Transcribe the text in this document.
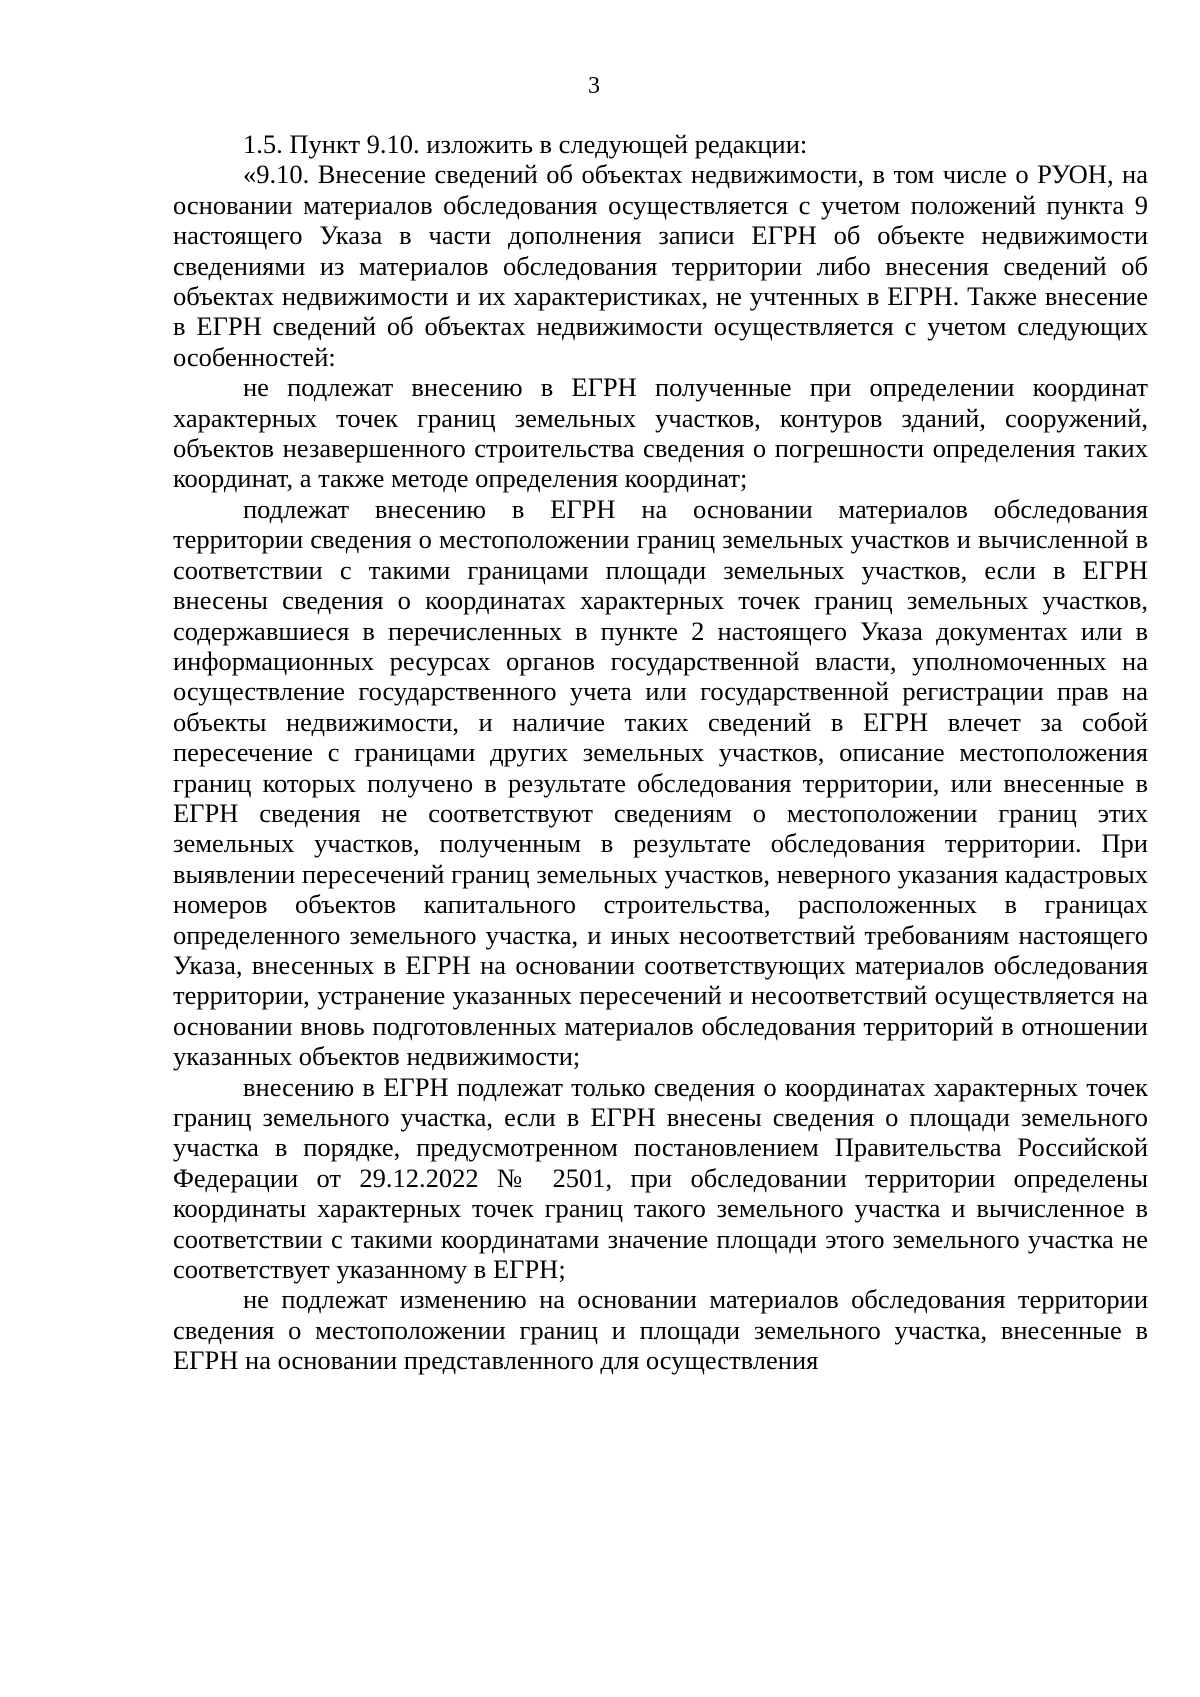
3

1.5. Пункт 9.10. изложить в следующей редакции:

«9.10. Внесение сведений об объектах недвижимости, в том числе о РУОН, на основании материалов обследования осуществляется с учетом положений пункта 9 настоящего Указа в части дополнения записи ЕГРН об объекте недвижимости сведениями из материалов обследования территории либо внесения сведений об объектах недвижимости и их характеристиках, не учтенных в ЕГРН. Также внесение в ЕГРН сведений об объектах недвижимости осуществляется с учетом следующих особенностей:

не подлежат внесению в ЕГРН полученные при определении координат характерных точек границ земельных участков, контуров зданий, сооружений, объектов незавершенного строительства сведения о погрешности определения таких координат, а также методе определения координат;

подлежат внесению в ЕГРН на основании материалов обследования территории сведения о местоположении границ земельных участков и вычисленной в соответствии с такими границами площади земельных участков, если в ЕГРН внесены сведения о координатах характерных точек границ земельных участков, содержавшиеся в перечисленных в пункте 2 настоящего Указа документах или в информационных ресурсах органов государственной власти, уполномоченных на осуществление государственного учета или государственной регистрации прав на объекты недвижимости, и наличие таких сведений в ЕГРН влечет за собой пересечение с границами других земельных участков, описание местоположения границ которых получено в результате обследования территории, или внесенные в ЕГРН сведения не соответствуют сведениям о местоположении границ этих земельных участков, полученным в результате обследования территории. При выявлении пересечений границ земельных участков, неверного указания кадастровых номеров объектов капитального строительства, расположенных в границах определенного земельного участка, и иных несоответствий требованиям настоящего Указа, внесенных в ЕГРН на основании соответствующих материалов обследования территории, устранение указанных пересечений и несоответствий осуществляется на основании вновь подготовленных материалов обследования территорий в отношении указанных объектов недвижимости;

внесению в ЕГРН подлежат только сведения о координатах характерных точек границ земельного участка, если в ЕГРН внесены сведения о площади земельного участка в порядке, предусмотренном постановлением Правительства Российской Федерации от 29.12.2022 № 2501, при обследовании территории определены координаты характерных точек границ такого земельного участка и вычисленное в соответствии с такими координатами значение площади этого земельного участка не соответствует указанному в ЕГРН;

не подлежат изменению на основании материалов обследования территории сведения о местоположении границ и площади земельного участка, внесенные в ЕГРН на основании представленного для осуществления
